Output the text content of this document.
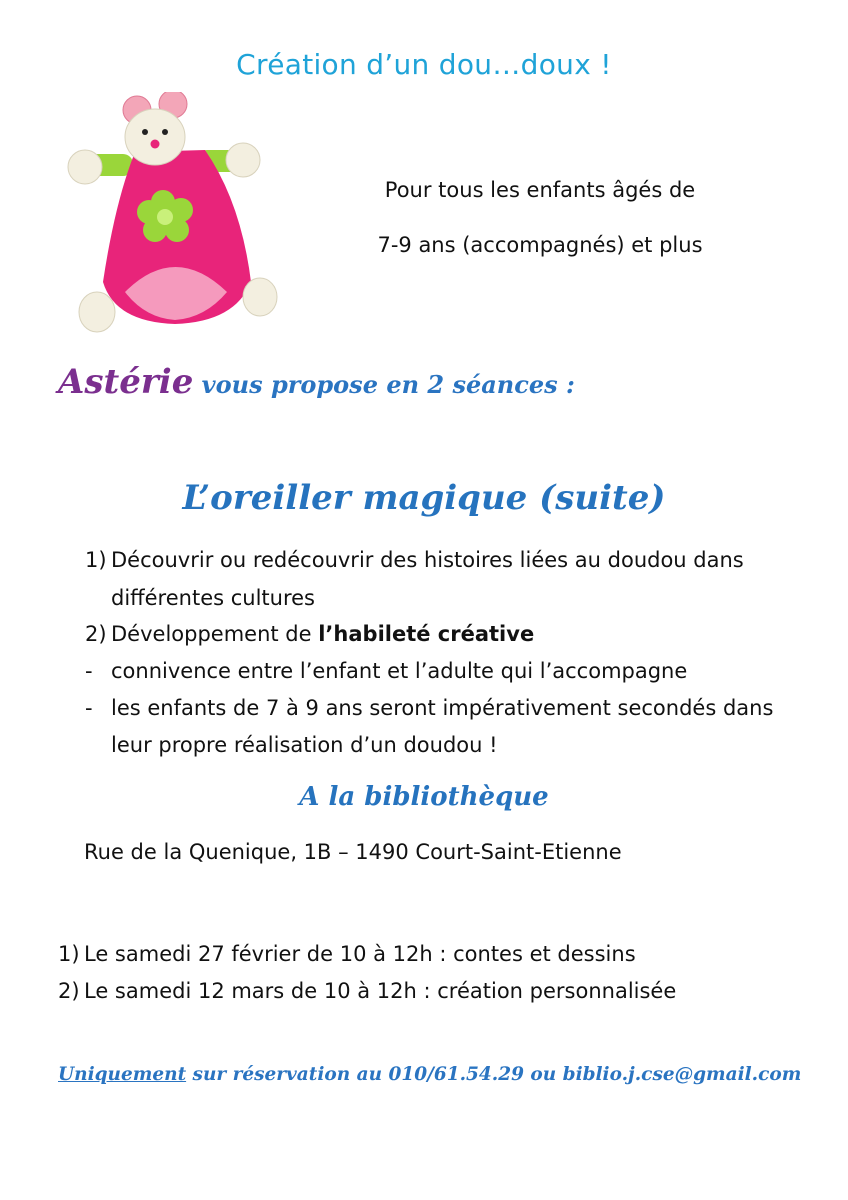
Création d’un dou…doux !
Pour tous les enfants âgés de
7-9 ans (accompagnés) et plus
Astérie vous propose en 2 séances :
L’oreiller magique (suite)
1) Découvrir ou redécouvrir des histoires liées au doudou dans
différentes cultures
2) Développement de l’habileté créative
- connivence entre l’enfant et l’adulte qui l’accompagne
- les enfants de 7 à 9 ans seront impérativement secondés dans
leur propre réalisation d’un doudou !
A la bibliothèque
Rue de la Quenique, 1B – 1490 Court-Saint-Etienne
1) Le samedi 27 février de 10 à 12h : contes et dessins
2) Le samedi 12 mars de 10 à 12h : création personnalisée
Uniquement sur réservation au 010/61.54.29 ou biblio.j.cse@gmail.com
